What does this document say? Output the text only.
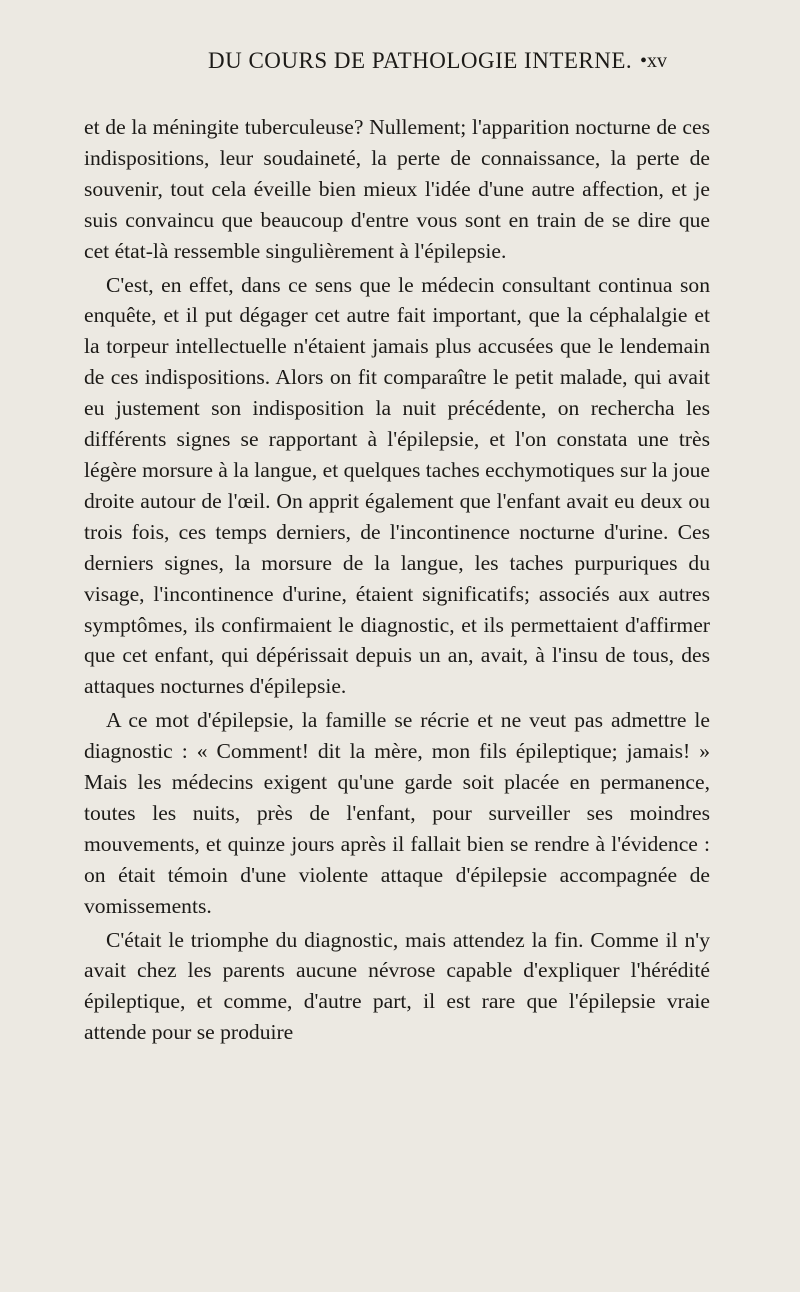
DU COURS DE PATHOLOGIE INTERNE. •xv

et de la méningite tuberculeuse? Nullement; l'apparition nocturne de ces indispositions, leur soudaineté, la perte de connaissance, la perte de souvenir, tout cela éveille bien mieux l'idée d'une autre affection, et je suis convaincu que beaucoup d'entre vous sont en train de se dire que cet état-là ressemble singulièrement à l'épilepsie.

C'est, en effet, dans ce sens que le médecin consultant continua son enquête, et il put dégager cet autre fait important, que la céphalalgie et la torpeur intellectuelle n'étaient jamais plus accusées que le lendemain de ces indispositions. Alors on fit comparaître le petit malade, qui avait eu justement son indisposition la nuit précédente, on rechercha les différents signes se rapportant à l'épilepsie, et l'on constata une très légère morsure à la langue, et quelques taches ecchymotiques sur la joue droite autour de l'œil. On apprit également que l'enfant avait eu deux ou trois fois, ces temps derniers, de l'incontinence nocturne d'urine. Ces derniers signes, la morsure de la langue, les taches purpuriques du visage, l'incontinence d'urine, étaient significatifs; associés aux autres symptômes, ils confirmaient le diagnostic, et ils permettaient d'affirmer que cet enfant, qui dépérissait depuis un an, avait, à l'insu de tous, des attaques nocturnes d'épilepsie.

A ce mot d'épilepsie, la famille se récrie et ne veut pas admettre le diagnostic : « Comment! dit la mère, mon fils épileptique; jamais! » Mais les médecins exigent qu'une garde soit placée en permanence, toutes les nuits, près de l'enfant, pour surveiller ses moindres mouvements, et quinze jours après il fallait bien se rendre à l'évidence : on était témoin d'une violente attaque d'épilepsie accompagnée de vomissements.

C'était le triomphe du diagnostic, mais attendez la fin. Comme il n'y avait chez les parents aucune névrose capable d'expliquer l'hérédité épileptique, et comme, d'autre part, il est rare que l'épilepsie vraie attende pour se produire
